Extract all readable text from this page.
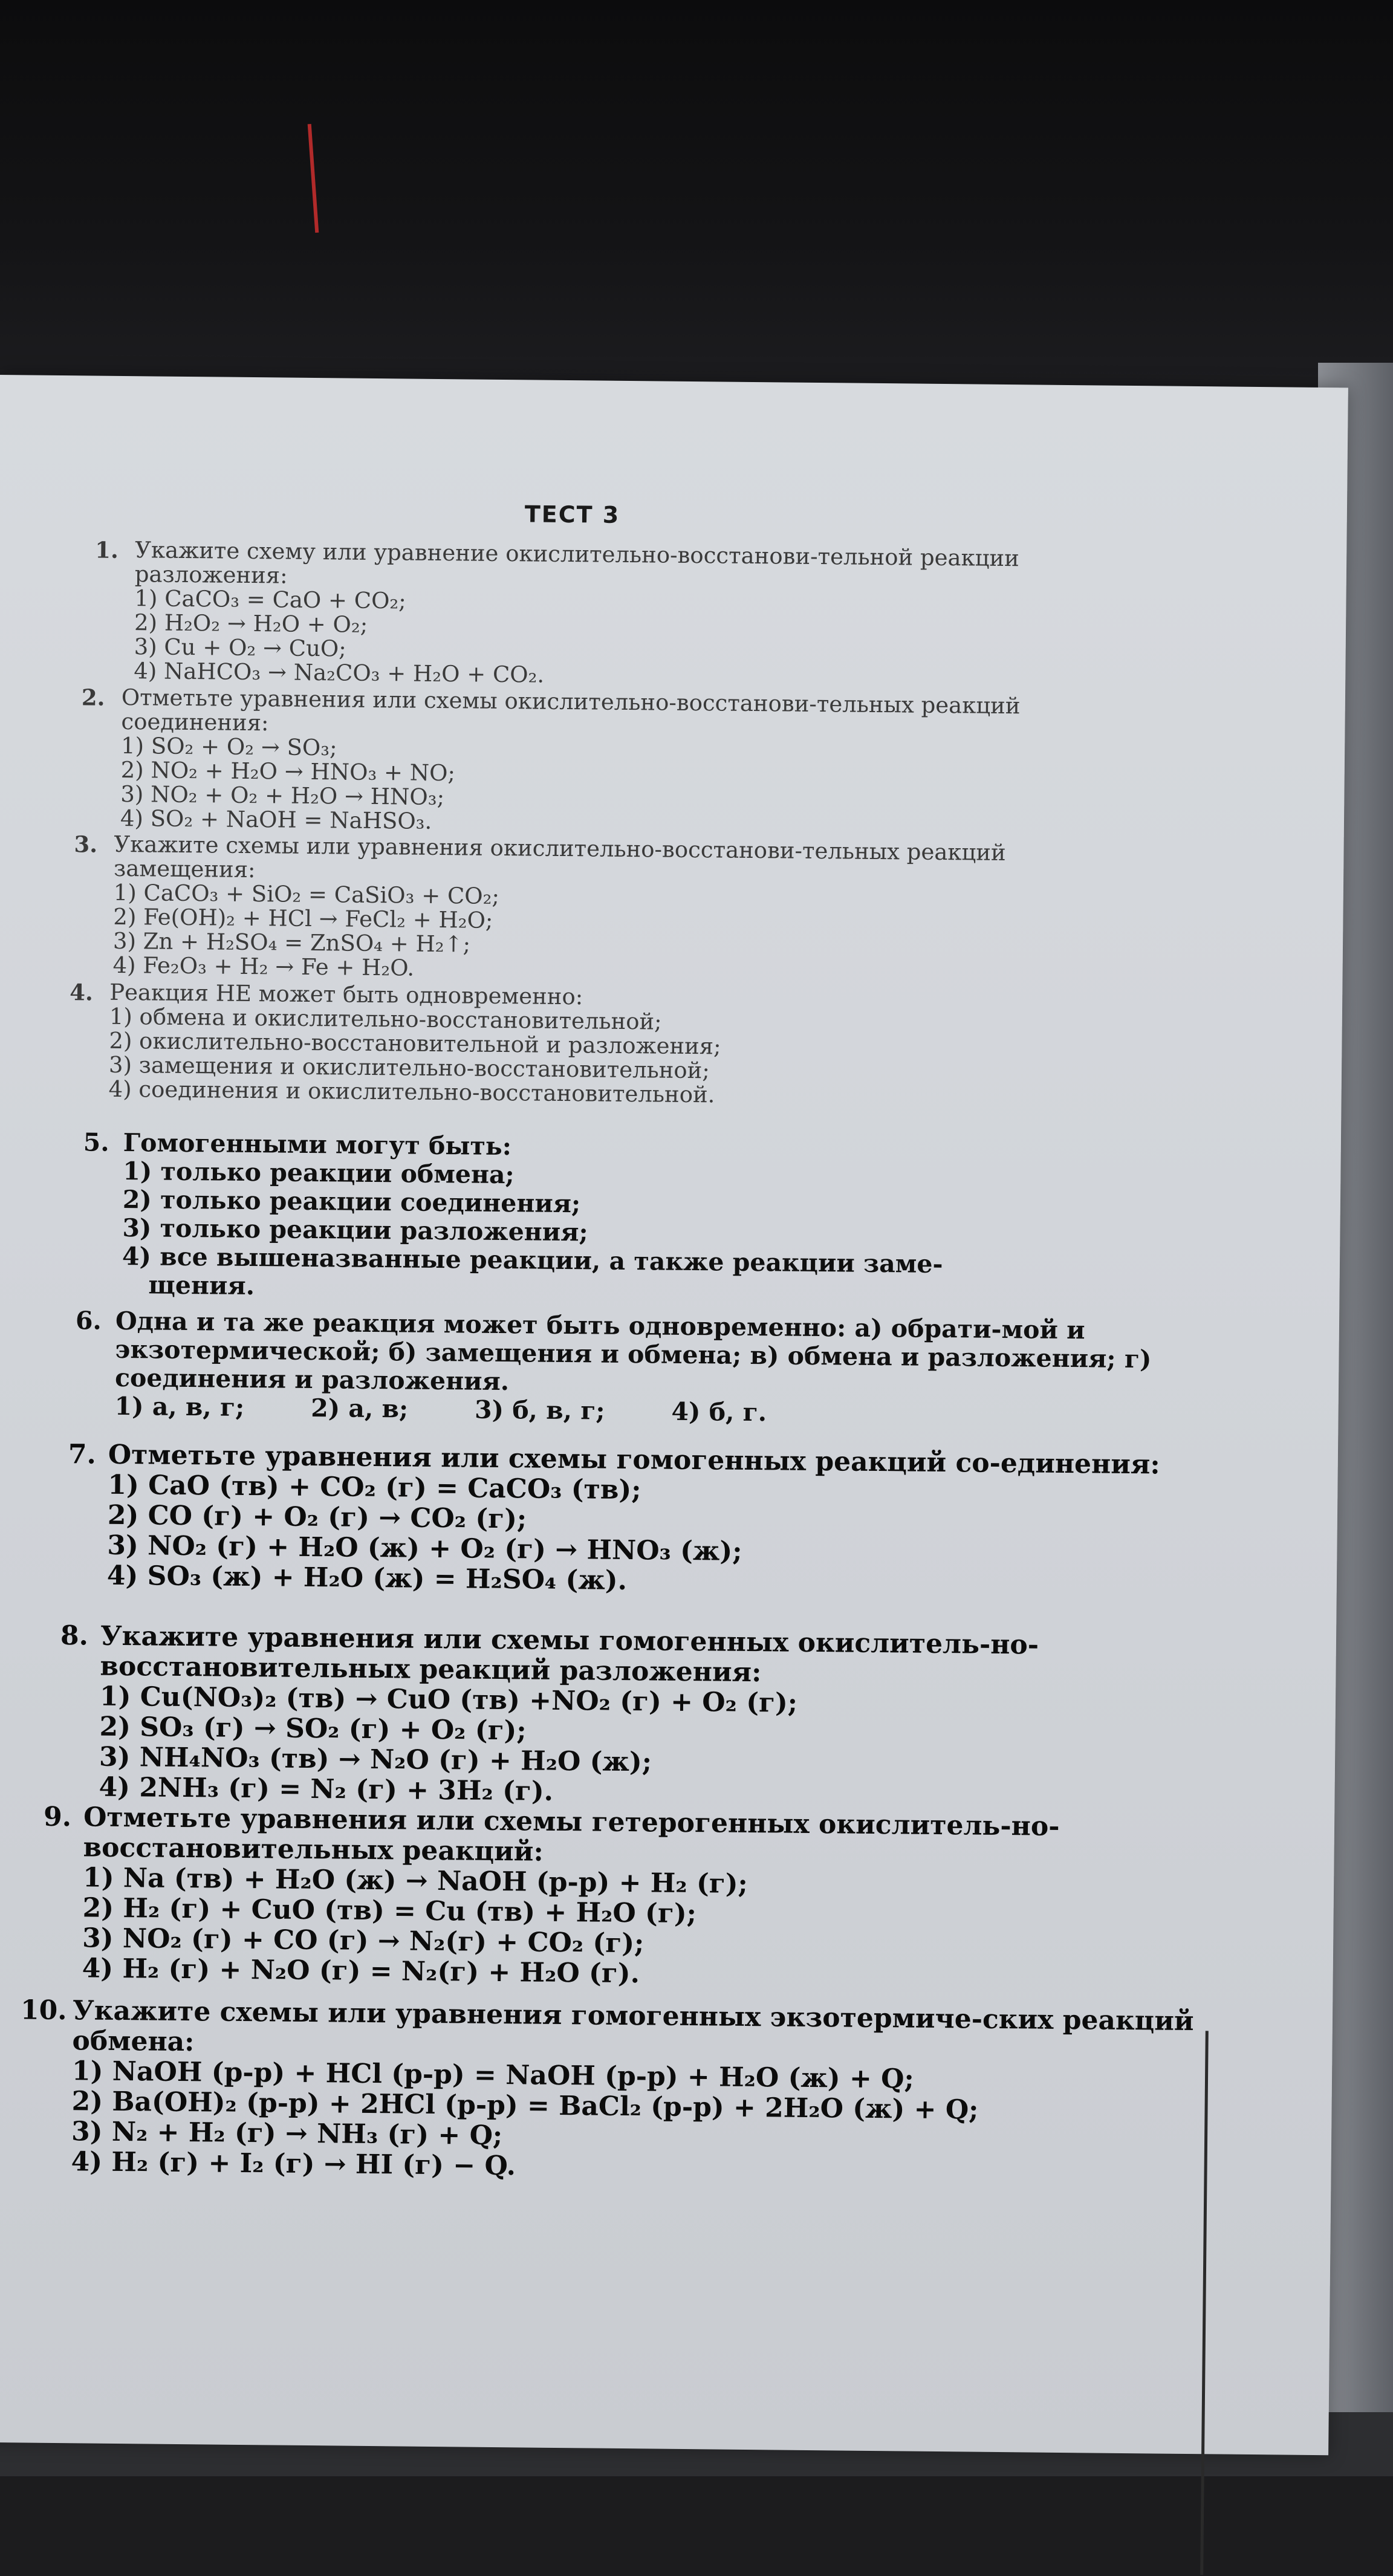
ТЕСТ 3
1. Укажите схему или уравнение окислительно-восстанови-тельной реакции разложения:
1) CaCO₃ = CaO + CO₂;
2) H₂O₂ → H₂O + O₂;
3) Cu + O₂ → CuO;
4) NaHCO₃ → Na₂CO₃ + H₂O + CO₂.
2. Отметьте уравнения или схемы окислительно-восстанови-тельных реакций соединения:
1) SO₂ + O₂ → SO₃;
2) NO₂ + H₂O → HNO₃ + NO;
3) NO₂ + O₂ + H₂O → HNO₃;
4) SO₂ + NaOH = NaHSO₃.
3. Укажите схемы или уравнения окислительно-восстанови-тельных реакций замещения:
1) CaCO₃ + SiO₂ = CaSiO₃ + CO₂;
2) Fe(OH)₂ + HCl → FeCl₂ + H₂O;
3) Zn + H₂SO₄ = ZnSO₄ + H₂↑;
4) Fe₂O₃ + H₂ → Fe + H₂O.
4. Реакция НЕ может быть одновременно:
1) обмена и окислительно-восстановительной;
2) окислительно-восстановительной и разложения;
3) замещения и окислительно-восстановительной;
4) соединения и окислительно-восстановительной.
5. Гомогенными могут быть:
1) только реакции обмена;
2) только реакции соединения;
3) только реакции разложения;
4) все вышеназванные реакции, а также реакции заме-
щения.
6. Одна и та же реакция может быть одновременно: а) обрати-мой и экзотермической; б) замещения и обмена; в) обмена и разложения; г) соединения и разложения.
1) а, в, г;	2) а, в;	3) б, в, г;	4) б, г.
7. Отметьте уравнения или схемы гомогенных реакций со-единения:
1) CaO (тв) + CO₂ (г) = CaCO₃ (тв);
2) CO (г) + O₂ (г) → CO₂ (г);
3) NO₂ (г) + H₂O (ж) + O₂ (г) → HNO₃ (ж);
4) SO₃ (ж) + H₂O (ж) = H₂SO₄ (ж).
8. Укажите уравнения или схемы гомогенных окислитель-но-восстановительных реакций разложения:
1) Cu(NO₃)₂ (тв) → CuO (тв) +NO₂ (г) + O₂ (г);
2) SO₃ (г) → SO₂ (г) + O₂ (г);
3) NH₄NO₃ (тв) → N₂O (г) + H₂O (ж);
4) 2NH₃ (г) = N₂ (г) + 3H₂ (г).
9. Отметьте уравнения или схемы гетерогенных окислитель-но-восстановительных реакций:
1) Na (тв) + H₂O (ж) → NaOH (р-р) + H₂ (г);
2) H₂ (г) + CuO (тв) = Cu (тв) + H₂O (г);
3) NO₂ (г) + CO (г) → N₂(г) + CO₂ (г);
4) H₂ (г) + N₂O (г) = N₂(г) + H₂O (г).
10. Укажите схемы или уравнения гомогенных экзотермиче-ских реакций обмена:
1) NaOH (р-р) + HCl (р-р) = NaOH (р-р) + H₂O (ж) + Q;
2) Ba(OH)₂ (р-р) + 2HCl (р-р) = BaCl₂ (р-р) + 2H₂O (ж) + Q;
3) N₂ + H₂ (г) → NH₃ (г) + Q;
4) H₂ (г) + I₂ (г) → HI (г) − Q.
